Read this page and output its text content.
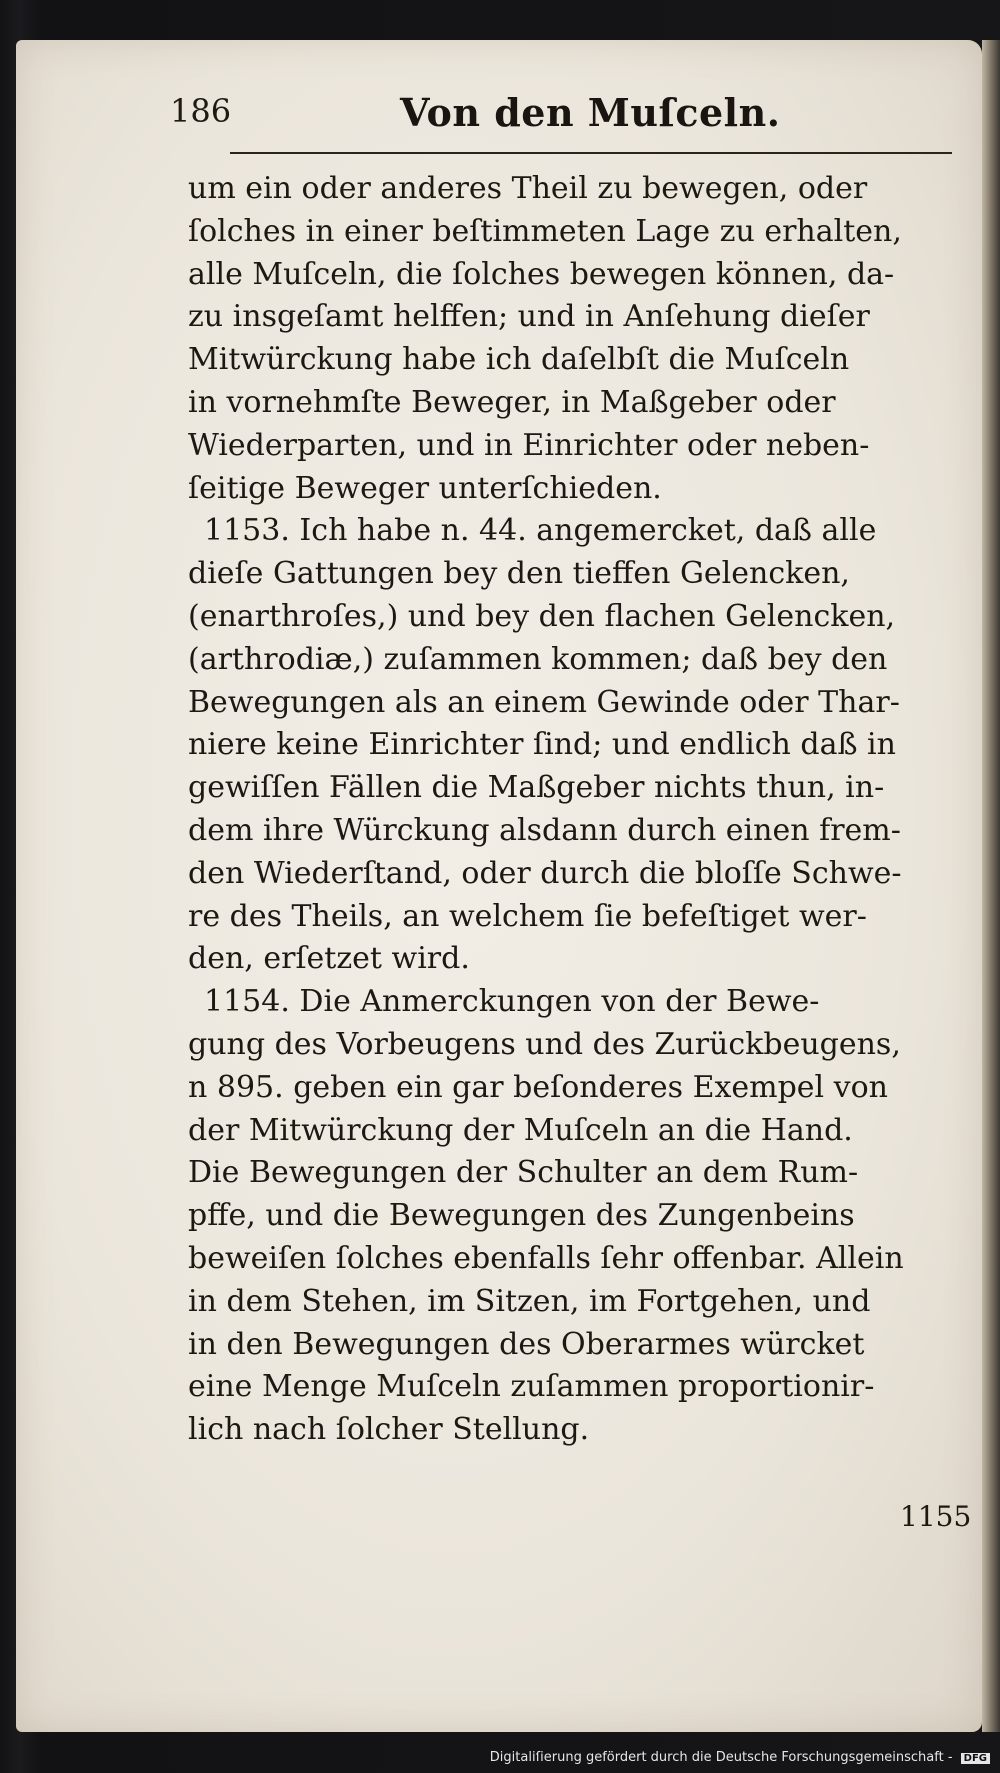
186	Von den Muſceln.
um ein oder anderes Theil zu bewegen, oder
ſolches in einer beſtimmeten Lage zu erhalten,
alle Muſceln, die ſolches bewegen können, da-
zu insgeſamt helffen; und in Anſehung dieſer
Mitwürckung habe ich daſelbſt die Muſceln
in vornehmſte Beweger, in Maßgeber oder
Wiederparten, und in Einrichter oder neben-
ſeitige Beweger unterſchieden.
1153. Ich habe n. 44. angemercket, daß alle
dieſe Gattungen bey den tieffen Gelencken,
(enarthroſes,) und bey den flachen Gelencken,
(arthrodiæ,) zuſammen kommen; daß bey den
Bewegungen als an einem Gewinde oder Thar-
niere keine Einrichter ſind; und endlich daß in
gewiſſen Fällen die Maßgeber nichts thun, in-
dem ihre Würckung alsdann durch einen frem-
den Wiederſtand, oder durch die bloſſe Schwe-
re des Theils, an welchem ſie befeſtiget wer-
den, erſetzet wird.
1154. Die Anmerckungen von der Bewe-
gung des Vorbeugens und des Zurückbeugens,
n 895. geben ein gar beſonderes Exempel von
der Mitwürckung der Muſceln an die Hand.
Die Bewegungen der Schulter an dem Rum-
pffe, und die Bewegungen des Zungenbeins
beweiſen ſolches ebenfalls ſehr offenbar. Allein
in dem Stehen, im Sitzen, im Fortgehen, und
in den Bewegungen des Oberarmes würcket
eine Menge Muſceln zuſammen proportionir-
lich nach ſolcher Stellung.
1155
Digitaliſierung gefördert durch die Deutsche Forschungsgemeinschaft - DFG
